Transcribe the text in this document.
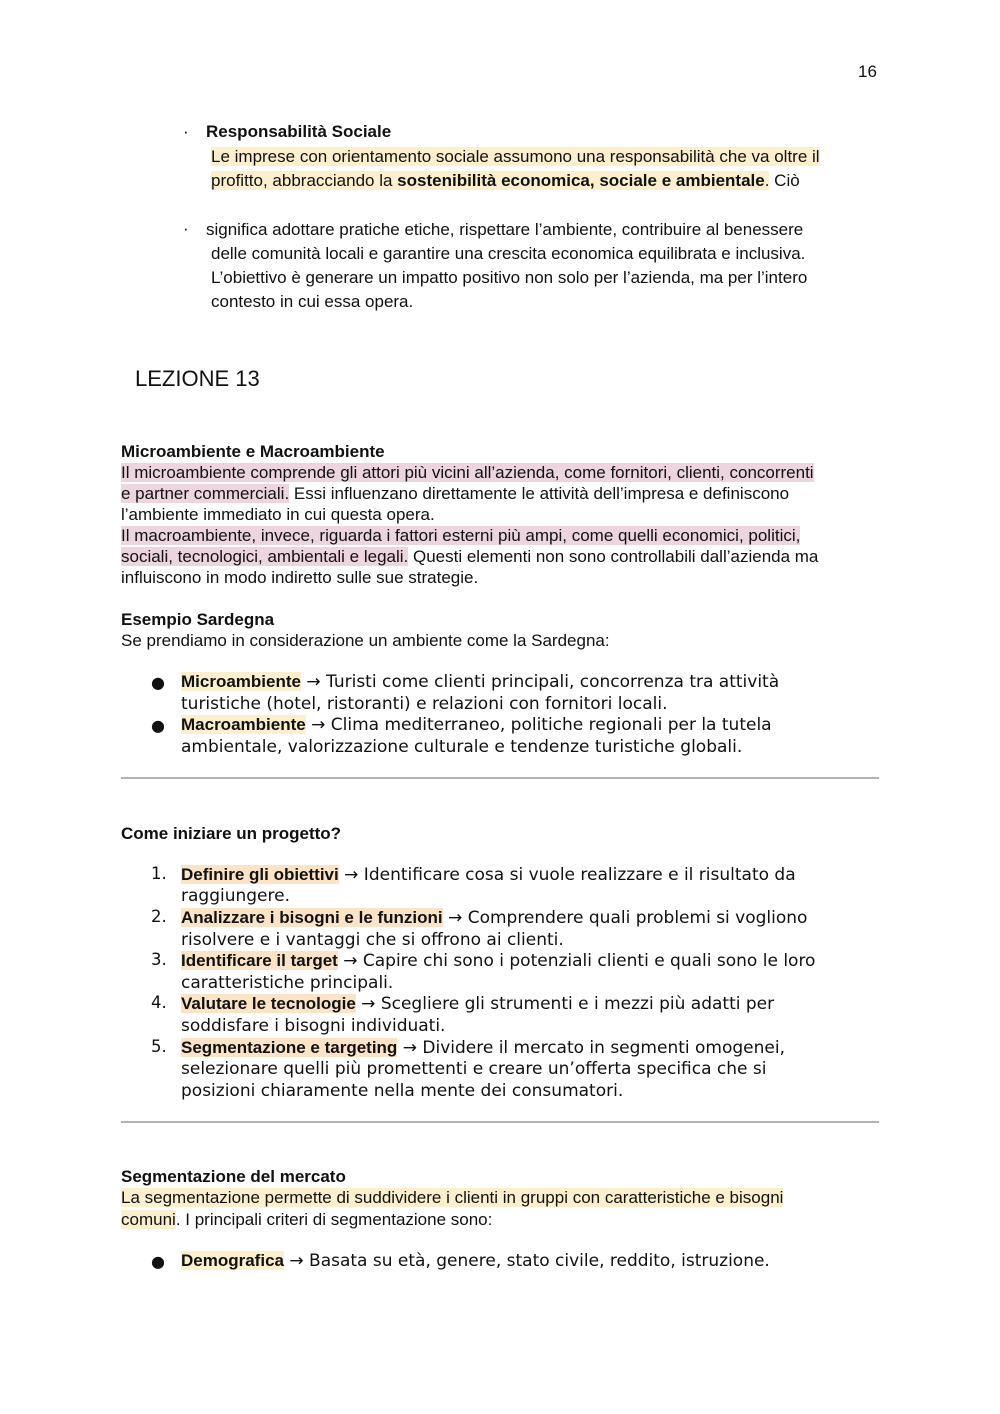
16
· Responsabilità Sociale
Le imprese con orientamento sociale assumono una responsabilità che va oltre il
profitto, abbracciando la sostenibilità economica, sociale e ambientale. Ciò
· significa adottare pratiche etiche, rispettare l’ambiente, contribuire al benessere
delle comunità locali e garantire una crescita economica equilibrata e inclusiva.
L’obiettivo è generare un impatto positivo non solo per l’azienda, ma per l’intero
contesto in cui essa opera.
LEZIONE 13
Microambiente e Macroambiente
Il microambiente comprende gli attori più vicini all’azienda, come fornitori, clienti, concorrenti
e partner commerciali. Essi influenzano direttamente le attività dell’impresa e definiscono
l’ambiente immediato in cui questa opera.
Il macroambiente, invece, riguarda i fattori esterni più ampi, come quelli economici, politici,
sociali, tecnologici, ambientali e legali. Questi elementi non sono controllabili dall’azienda ma
influiscono in modo indiretto sulle sue strategie.
Esempio Sardegna
Se prendiamo in considerazione un ambiente come la Sardegna:
● Microambiente → Turisti come clienti principali, concorrenza tra attività
turistiche (hotel, ristoranti) e relazioni con fornitori locali.
● Macroambiente → Clima mediterraneo, politiche regionali per la tutela
ambientale, valorizzazione culturale e tendenze turistiche globali.
Come iniziare un progetto?
1. Definire gli obiettivi → Identificare cosa si vuole realizzare e il risultato da
raggiungere.
2. Analizzare i bisogni e le funzioni → Comprendere quali problemi si vogliono
risolvere e i vantaggi che si offrono ai clienti.
3. Identificare il target → Capire chi sono i potenziali clienti e quali sono le loro
caratteristiche principali.
4. Valutare le tecnologie → Scegliere gli strumenti e i mezzi più adatti per
soddisfare i bisogni individuati.
5. Segmentazione e targeting → Dividere il mercato in segmenti omogenei,
selezionare quelli più promettenti e creare un’offerta specifica che si
posizioni chiaramente nella mente dei consumatori.
Segmentazione del mercato
La segmentazione permette di suddividere i clienti in gruppi con caratteristiche e bisogni
comuni. I principali criteri di segmentazione sono:
● Demografica → Basata su età, genere, stato civile, reddito, istruzione.
